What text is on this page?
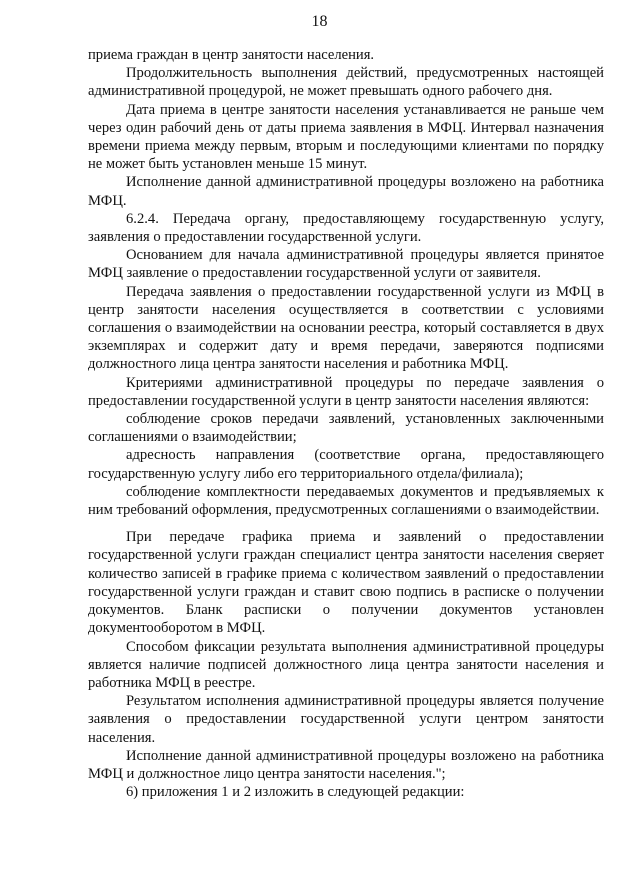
18

приема граждан в центр занятости населения.

Продолжительность выполнения действий, предусмотренных настоящей административной процедурой, не может превышать одного рабочего дня.

Дата приема в центре занятости населения устанавливается не раньше чем через один рабочий день от даты приема заявления в МФЦ. Интервал назначения времени приема между первым, вторым и последующими клиентами по порядку не может быть установлен меньше 15 минут.

Исполнение данной административной процедуры возложено на работника МФЦ.

6.2.4. Передача органу, предоставляющему государственную услугу, заявления о предоставлении государственной услуги.

Основанием для начала административной процедуры является принятое МФЦ заявление о предоставлении государственной услуги от заявителя.

Передача заявления о предоставлении государственной услуги из МФЦ в центр занятости населения осуществляется в соответствии с условиями соглашения о взаимодействии на основании реестра, который составляется в двух экземплярах и содержит дату и время передачи, заверяются подписями должностного лица центра занятости населения и работника МФЦ.

Критериями административной процедуры по передаче заявления о предоставлении государственной услуги в центр занятости населения являются:

соблюдение сроков передачи заявлений, установленных заключенными соглашениями о взаимодействии;

адресность направления (соответствие органа, предоставляющего государственную услугу либо его территориального отдела/филиала);

соблюдение комплектности передаваемых документов и предъявляемых к ним требований оформления, предусмотренных соглашениями о взаимодействии.

При передаче графика приема и заявлений о предоставлении государственной услуги граждан специалист центра занятости населения сверяет количество записей в графике приема с количеством заявлений о предоставлении государственной услуги граждан и ставит свою подпись в расписке о получении документов. Бланк расписки о получении документов установлен документооборотом в МФЦ.

Способом фиксации результата выполнения административной процедуры является наличие подписей должностного лица центра занятости населения и работника МФЦ в реестре.

Результатом исполнения административной процедуры является получение заявления о предоставлении государственной услуги центром занятости населения.

Исполнение данной административной процедуры возложено на работника МФЦ и должностное лицо центра занятости населения.";

6) приложения 1 и 2 изложить в следующей редакции:
